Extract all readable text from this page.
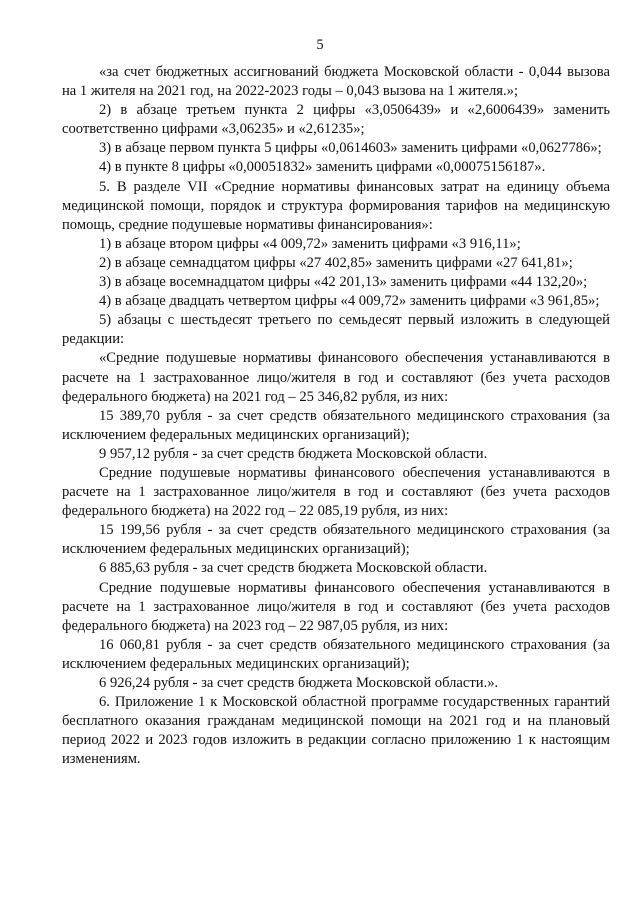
5

«за счет бюджетных ассигнований бюджета Московской области - 0,044 вызова на 1 жителя на 2021 год, на 2022-2023 годы – 0,043 вызова на 1 жителя.»;

2) в абзаце третьем пункта 2 цифры «3,0506439» и «2,6006439» заменить соответственно цифрами «3,06235» и «2,61235»;

3) в абзаце первом пункта 5 цифры «0,0614603» заменить цифрами «0,0627786»;

4) в пункте 8 цифры «0,00051832» заменить цифрами «0,00075156187».

5. В разделе VII «Средние нормативы финансовых затрат на единицу объема медицинской помощи, порядок и структура формирования тарифов на медицинскую помощь, средние подушевые нормативы финансирования»:

1) в абзаце втором цифры «4 009,72» заменить цифрами «3 916,11»;

2) в абзаце семнадцатом цифры «27 402,85» заменить цифрами «27 641,81»;

3) в абзаце восемнадцатом цифры «42 201,13» заменить цифрами «44 132,20»;

4) в абзаце двадцать четвертом цифры «4 009,72» заменить цифрами «3 961,85»;

5) абзацы с шестьдесят третьего по семьдесят первый изложить в следующей редакции:

«Средние подушевые нормативы финансового обеспечения устанавливаются в расчете на 1 застрахованное лицо/жителя в год и составляют (без учета расходов федерального бюджета) на 2021 год – 25 346,82 рубля, из них:

15 389,70 рубля - за счет средств обязательного медицинского страхования (за исключением федеральных медицинских организаций);

9 957,12 рубля - за счет средств бюджета Московской области.

Средние подушевые нормативы финансового обеспечения устанавливаются в расчете на 1 застрахованное лицо/жителя в год и составляют (без учета расходов федерального бюджета) на 2022 год – 22 085,19 рубля, из них:

15 199,56 рубля - за счет средств обязательного медицинского страхования (за исключением федеральных медицинских организаций);

6 885,63 рубля - за счет средств бюджета Московской области.

Средние подушевые нормативы финансового обеспечения устанавливаются в расчете на 1 застрахованное лицо/жителя в год и составляют (без учета расходов федерального бюджета) на 2023 год – 22 987,05 рубля, из них:

16 060,81 рубля - за счет средств обязательного медицинского страхования (за исключением федеральных медицинских организаций);

6 926,24 рубля - за счет средств бюджета Московской области.».

6. Приложение 1 к Московской областной программе государственных гарантий бесплатного оказания гражданам медицинской помощи на 2021 год и на плановый период 2022 и 2023 годов изложить в редакции согласно приложению 1 к настоящим изменениям.
